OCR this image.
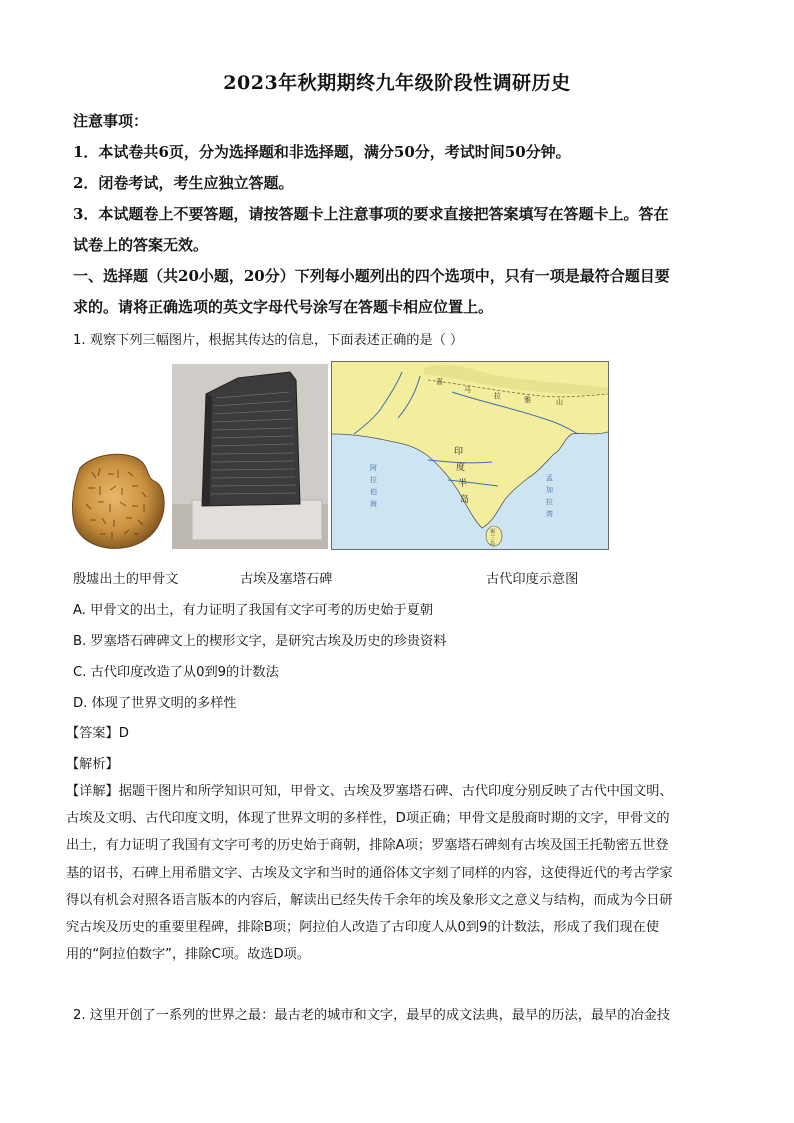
2023年秋期期终九年级阶段性调研历史
注意事项：
1．本试卷共6页，分为选择题和非选择题，满分50分，考试时间50分钟。
2．闭卷考试，考生应独立答题。
3．本试题卷上不要答题，请按答题卡上注意事项的要求直接把答案填写在答题卡上。答在
试卷上的答案无效。
一、选择题（共20小题，20分）下列每小题列出的四个选项中，只有一项是最符合题目要
求的。请将正确选项的英文字母代号涂写在答题卡相应位置上。
1. 观察下列三幅图片，根据其传达的信息，下面表述正确的是（ ）
喜
马
拉	雅	山
印
度
半
岛
阿
拉
伯
海
孟
加
拉
湾
锡
兰
岛
殷墟出土的甲骨文	古埃及塞塔石碑	古代印度示意图
A. 甲骨文的出土，有力证明了我国有文字可考的历史始于夏朝
B. 罗塞塔石碑碑文上的楔形文字，是研究古埃及历史的珍贵资料
C. 古代印度改造了从0到9的计数法
D. 体现了世界文明的多样性
【答案】D
【解析】
【详解】据题干图片和所学知识可知，甲骨文、古埃及罗塞塔石碑、古代印度分别反映了古代中国文明、
古埃及文明、古代印度文明，体现了世界文明的多样性，D项正确；甲骨文是殷商时期的文字，甲骨文的
出土，有力证明了我国有文字可考的历史始于商朝，排除A项；罗塞塔石碑刻有古埃及国王托勒密五世登
基的诏书，石碑上用希腊文字、古埃及文字和当时的通俗体文字刻了同样的内容，这使得近代的考古学家
得以有机会对照各语言版本的内容后，解读出已经失传千余年的埃及象形文之意义与结构，而成为今日研
究古埃及历史的重要里程碑，排除B项；阿拉伯人改造了古印度人从0到9的计数法，形成了我们现在使
用的“阿拉伯数字”，排除C项。故选D项。
2. 这里开创了一系列的世界之最：最古老的城市和文字，最早的成文法典，最早的历法，最早的冶金技
